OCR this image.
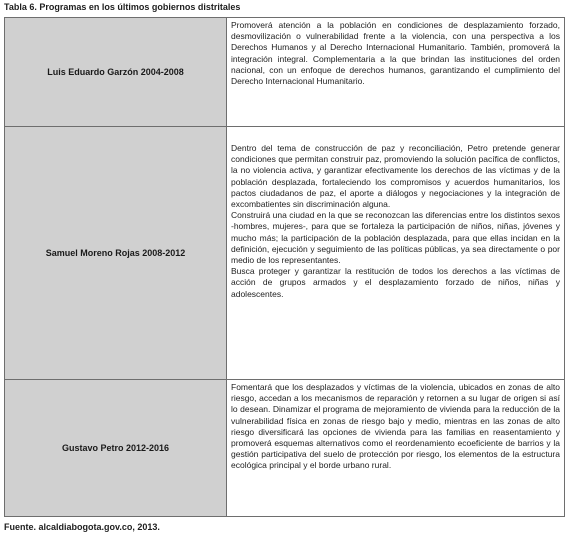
Tabla 6. Programas en los últimos gobiernos distritales
Luis Eduardo Garzón 2004-2008

Promoverá atención a la población en condiciones de desplazamiento forzado, desmovilización o vulnerabilidad frente a la violencia, con una perspectiva a los Derechos Humanos y al Derecho Internacional Humanitario. También, promoverá la integración integral. Complementaria a la que brindan las instituciones del orden nacional, con un enfoque de derechos humanos, garantizando el cumplimiento del Derecho Internacional Humanitario.

Samuel Moreno Rojas 2008-2012

Dentro del tema de construcción de paz y reconciliación, Petro pretende generar condiciones que permitan construir paz, promoviendo la solución pacífica de conflictos, la no violencia activa, y garantizar efectivamente los derechos de las víctimas y de la población desplazada, fortaleciendo los compromisos y acuerdos humanitarios, los pactos ciudadanos de paz, el aporte a diálogos y negociaciones y la integración de excombatientes sin discriminación alguna.

Construirá una ciudad en la que se reconozcan las diferencias entre los distintos sexos -hombres, mujeres-, para que se fortaleza la participación de niños, niñas, jóvenes y mucho más; la participación de la población desplazada, para que ellas incidan en la definición, ejecución y seguimiento de las políticas públicas, ya sea directamente o por medio de los representantes.

Busca proteger y garantizar la restitución de todos los derechos a las víctimas de acción de grupos armados y el desplazamiento forzado de niños, niñas y adolescentes.

Gustavo Petro 2012-2016

Fomentará que los desplazados y víctimas de la violencia, ubicados en zonas de alto riesgo, accedan a los mecanismos de reparación y retornen a su lugar de origen si así lo desean. Dinamizar el programa de mejoramiento de vivienda para la reducción de la vulnerabilidad física en zonas de riesgo bajo y medio, mientras en las zonas de alto riesgo diversificará las opciones de vivienda para las familias en reasentamiento y promoverá esquemas alternativos como el reordenamiento ecoeficiente de barrios y la gestión participativa del suelo de protección por riesgo, los elementos de la estructura ecológica principal y el borde urbano rural.

Fuente. alcaldiabogota.gov.co, 2013.
